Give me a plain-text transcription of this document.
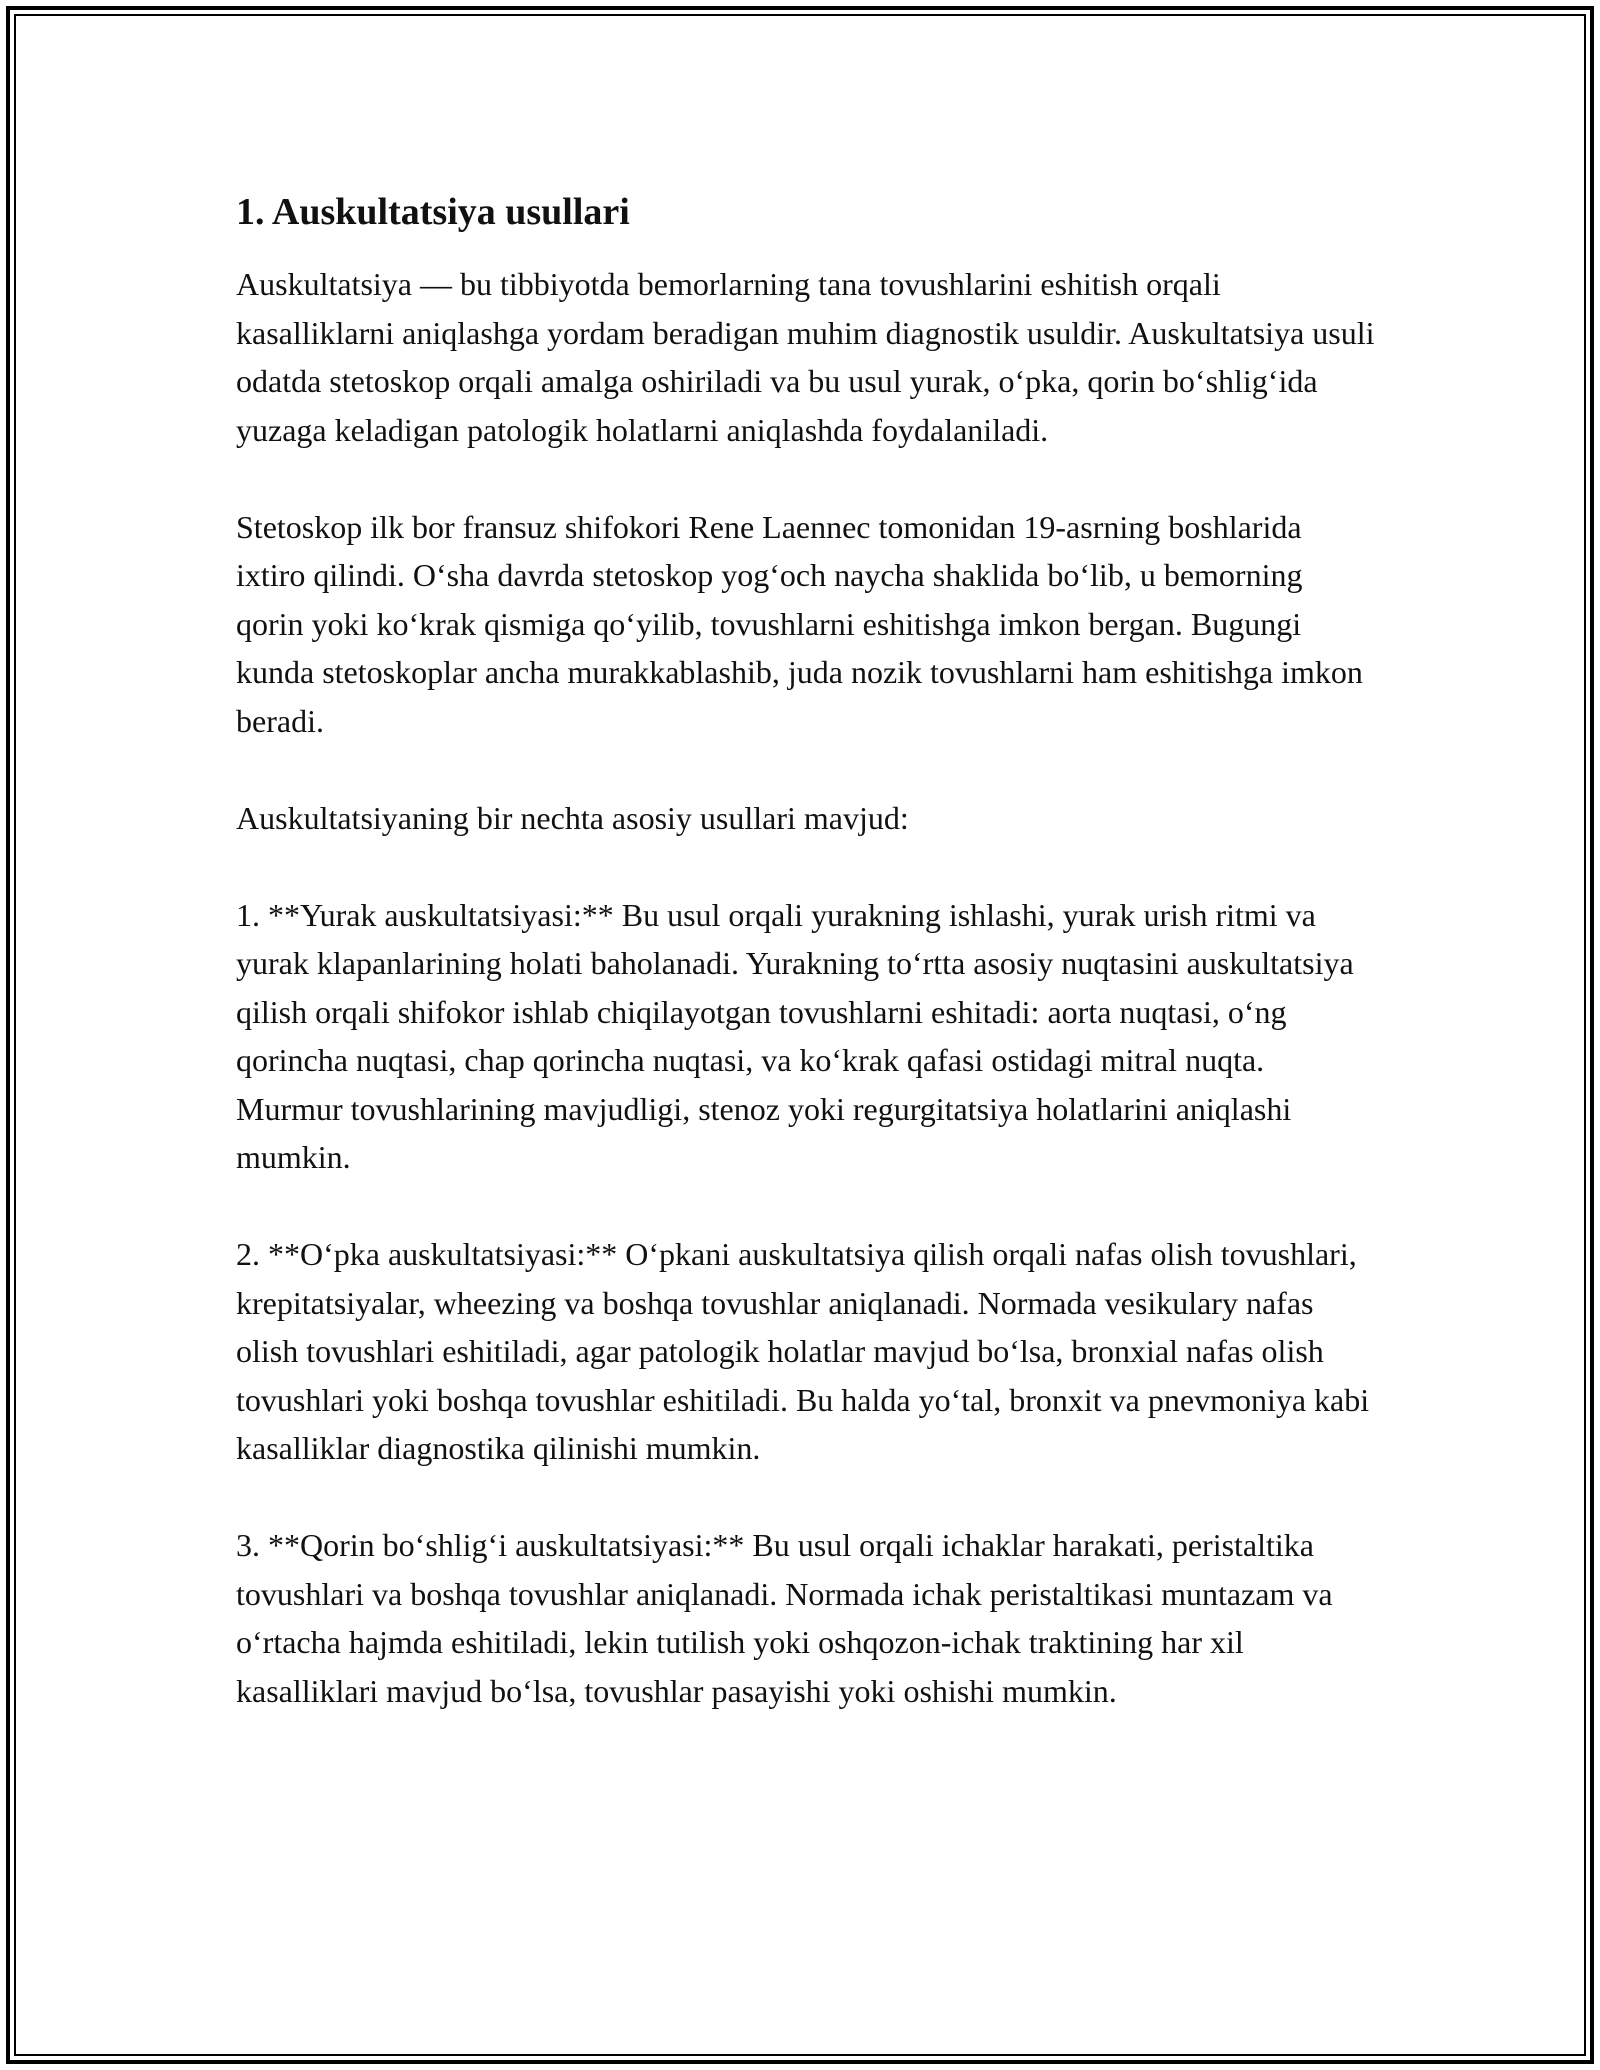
1. Auskultatsiya usullari

Auskultatsiya — bu tibbiyotda bemorlarning tana tovushlarini eshitish orqali kasalliklarni aniqlashga yordam beradigan muhim diagnostik usuldir. Auskultatsiya usuli odatda stetoskop orqali amalga oshiriladi va bu usul yurak, o‘pka, qorin bo‘shlig‘ida yuzaga keladigan patologik holatlarni aniqlashda foydalaniladi.

Stetoskop ilk bor fransuz shifokori Rene Laennec tomonidan 19-asrning boshlarida ixtiro qilindi. O‘sha davrda stetoskop yog‘och naycha shaklida bo‘lib, u bemorning qorin yoki ko‘krak qismiga qo‘yilib, tovushlarni eshitishga imkon bergan. Bugungi kunda stetoskoplar ancha murakkablashib, juda nozik tovushlarni ham eshitishga imkon beradi.

Auskultatsiyaning bir nechta asosiy usullari mavjud:

1. **Yurak auskultatsiyasi:** Bu usul orqali yurakning ishlashi, yurak urish ritmi va yurak klapanlarining holati baholanadi. Yurakning to‘rtta asosiy nuqtasini auskultatsiya qilish orqali shifokor ishlab chiqilayotgan tovushlarni eshitadi: aorta nuqtasi, o‘ng qorincha nuqtasi, chap qorincha nuqtasi, va ko‘krak qafasi ostidagi mitral nuqta. Murmur tovushlarining mavjudligi, stenoz yoki regurgitatsiya holatlarini aniqlashi mumkin.

2. **O‘pka auskultatsiyasi:** O‘pkani auskultatsiya qilish orqali nafas olish tovushlari, krepitatsiyalar, wheezing va boshqa tovushlar aniqlanadi. Normada vesikulary nafas olish tovushlari eshitiladi, agar patologik holatlar mavjud bo‘lsa, bronxial nafas olish tovushlari yoki boshqa tovushlar eshitiladi. Bu halda yo‘tal, bronxit va pnevmoniya kabi kasalliklar diagnostika qilinishi mumkin.

3. **Qorin bo‘shlig‘i auskultatsiyasi:** Bu usul orqali ichaklar harakati, peristaltika tovushlari va boshqa tovushlar aniqlanadi. Normada ichak peristaltikasi muntazam va o‘rtacha hajmda eshitiladi, lekin tutilish yoki oshqozon-ichak traktining har xil kasalliklari mavjud bo‘lsa, tovushlar pasayishi yoki oshishi mumkin.
